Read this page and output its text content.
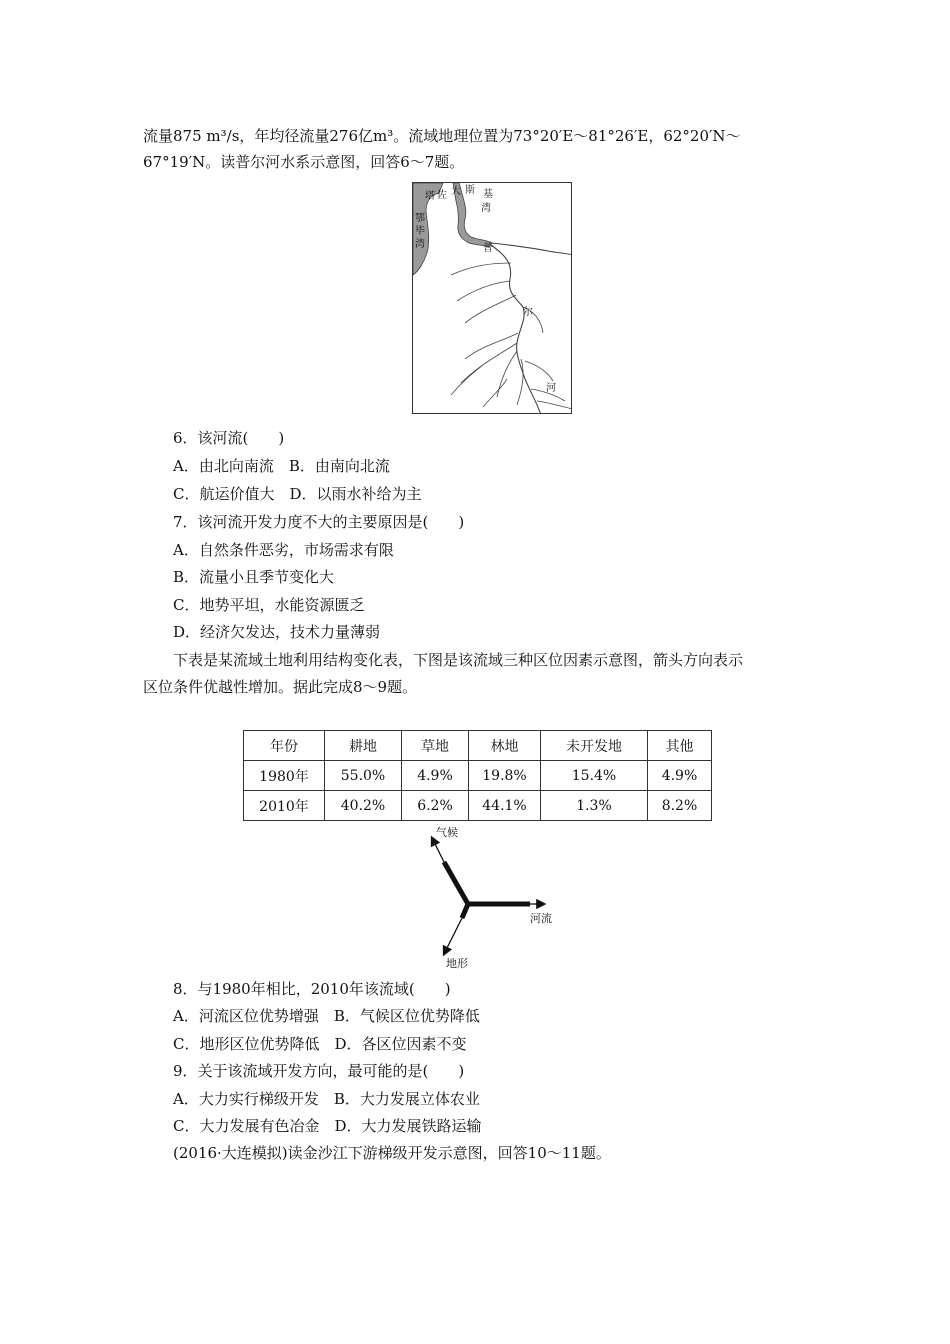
流量875 m³/s，年均径流量276亿m³。流域地理位置为73°20′E～81°26′E，62°20′N～
67°19′N。读普尔河水系示意图，回答6～7题。
塔 佐 大 斯 基
湾
鄂
毕
湾	普
尔
河
6．该河流(　　)
A．由北向南流　B．由南向北流
C．航运价值大　D．以雨水补给为主
7．该河流开发力度不大的主要原因是(　　)
A．自然条件恶劣，市场需求有限
B．流量小且季节变化大
C．地势平坦，水能资源匮乏
D．经济欠发达，技术力量薄弱
下表是某流域土地利用结构变化表，下图是该流域三种区位因素示意图，箭头方向表示
区位条件优越性增加。据此完成8～9题。
年份	耕地	草地	林地	未开发地	其他
1980年	55.0%	4.9%	19.8%	15.4%	4.9%
2010年	40.2%	6.2%	44.1%	1.3%	8.2%
气候
河流
地形
8．与1980年相比，2010年该流域(　　)
A．河流区位优势增强　B．气候区位优势降低
C．地形区位优势降低　D．各区位因素不变
9．关于该流域开发方向，最可能的是(　　)
A．大力实行梯级开发　B．大力发展立体农业
C．大力发展有色冶金　D．大力发展铁路运输
(2016·大连模拟)读金沙江下游梯级开发示意图，回答10～11题。
